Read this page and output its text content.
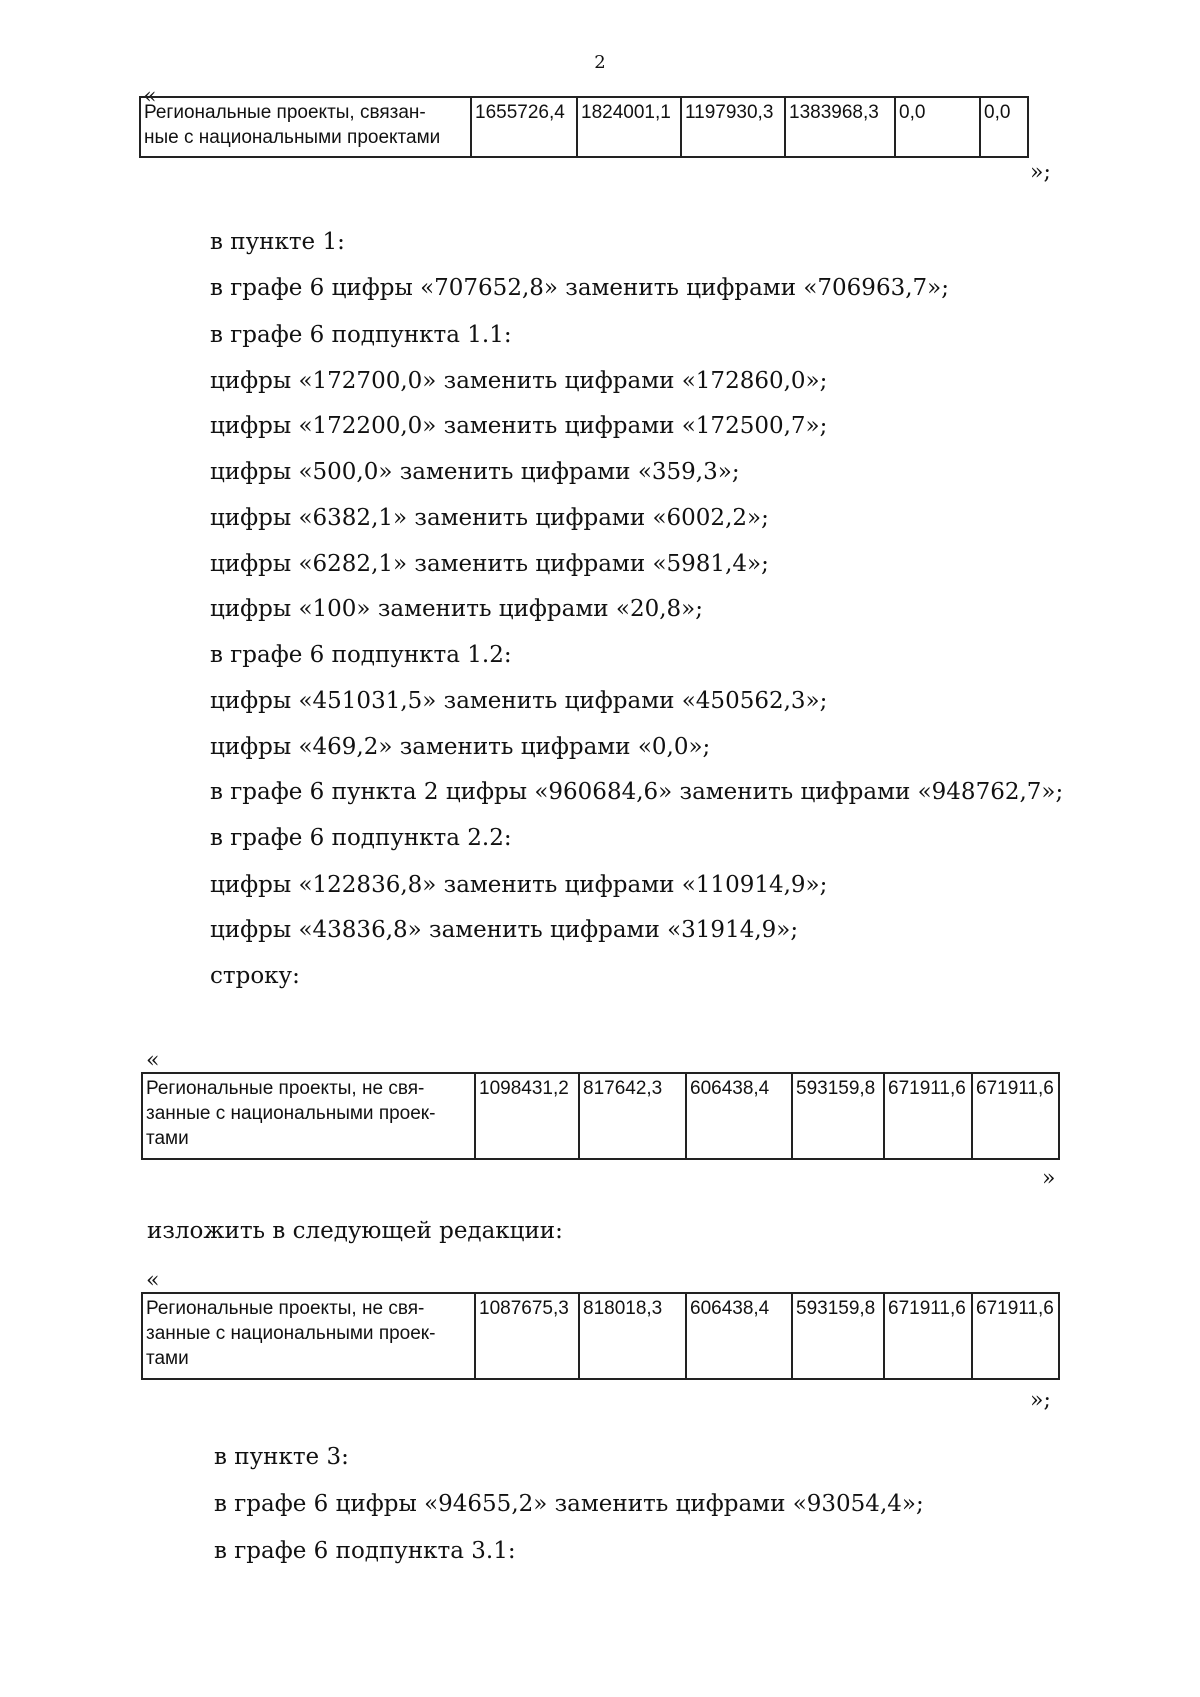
2
«
Региональные проекты, связан-
ные с национальными проектами
	1655726,4	1824001,1	1197930,3	1383968,3	0,0	0,0
»;
в пункте 1:
в графе 6 цифры «707652,8» заменить цифрами «706963,7»;
в графе 6 подпункта 1.1:
цифры «172700,0» заменить цифрами «172860,0»;
цифры «172200,0» заменить цифрами «172500,7»;
цифры «500,0» заменить цифрами «359,3»;
цифры «6382,1» заменить цифрами «6002,2»;
цифры «6282,1» заменить цифрами «5981,4»;
цифры «100» заменить цифрами «20,8»;
в графе 6 подпункта 1.2:
цифры «451031,5» заменить цифрами «450562,3»;
цифры «469,2» заменить цифрами «0,0»;
в графе 6 пункта 2 цифры «960684,6» заменить цифрами «948762,7»;
в графе 6 подпункта 2.2:
цифры «122836,8» заменить цифрами «110914,9»;
цифры «43836,8» заменить цифрами «31914,9»;
строку:
«
Региональные проекты, не свя-
занные с национальными проек-
тами
	1098431,2	817642,3	606438,4	593159,8	671911,6	671911,6
»
изложить в следующей редакции:
«
Региональные проекты, не свя-
занные с национальными проек-
тами
	1087675,3	818018,3	606438,4	593159,8	671911,6	671911,6
»;
в пункте 3:
в графе 6 цифры «94655,2» заменить цифрами «93054,4»;
в графе 6 подпункта 3.1:
